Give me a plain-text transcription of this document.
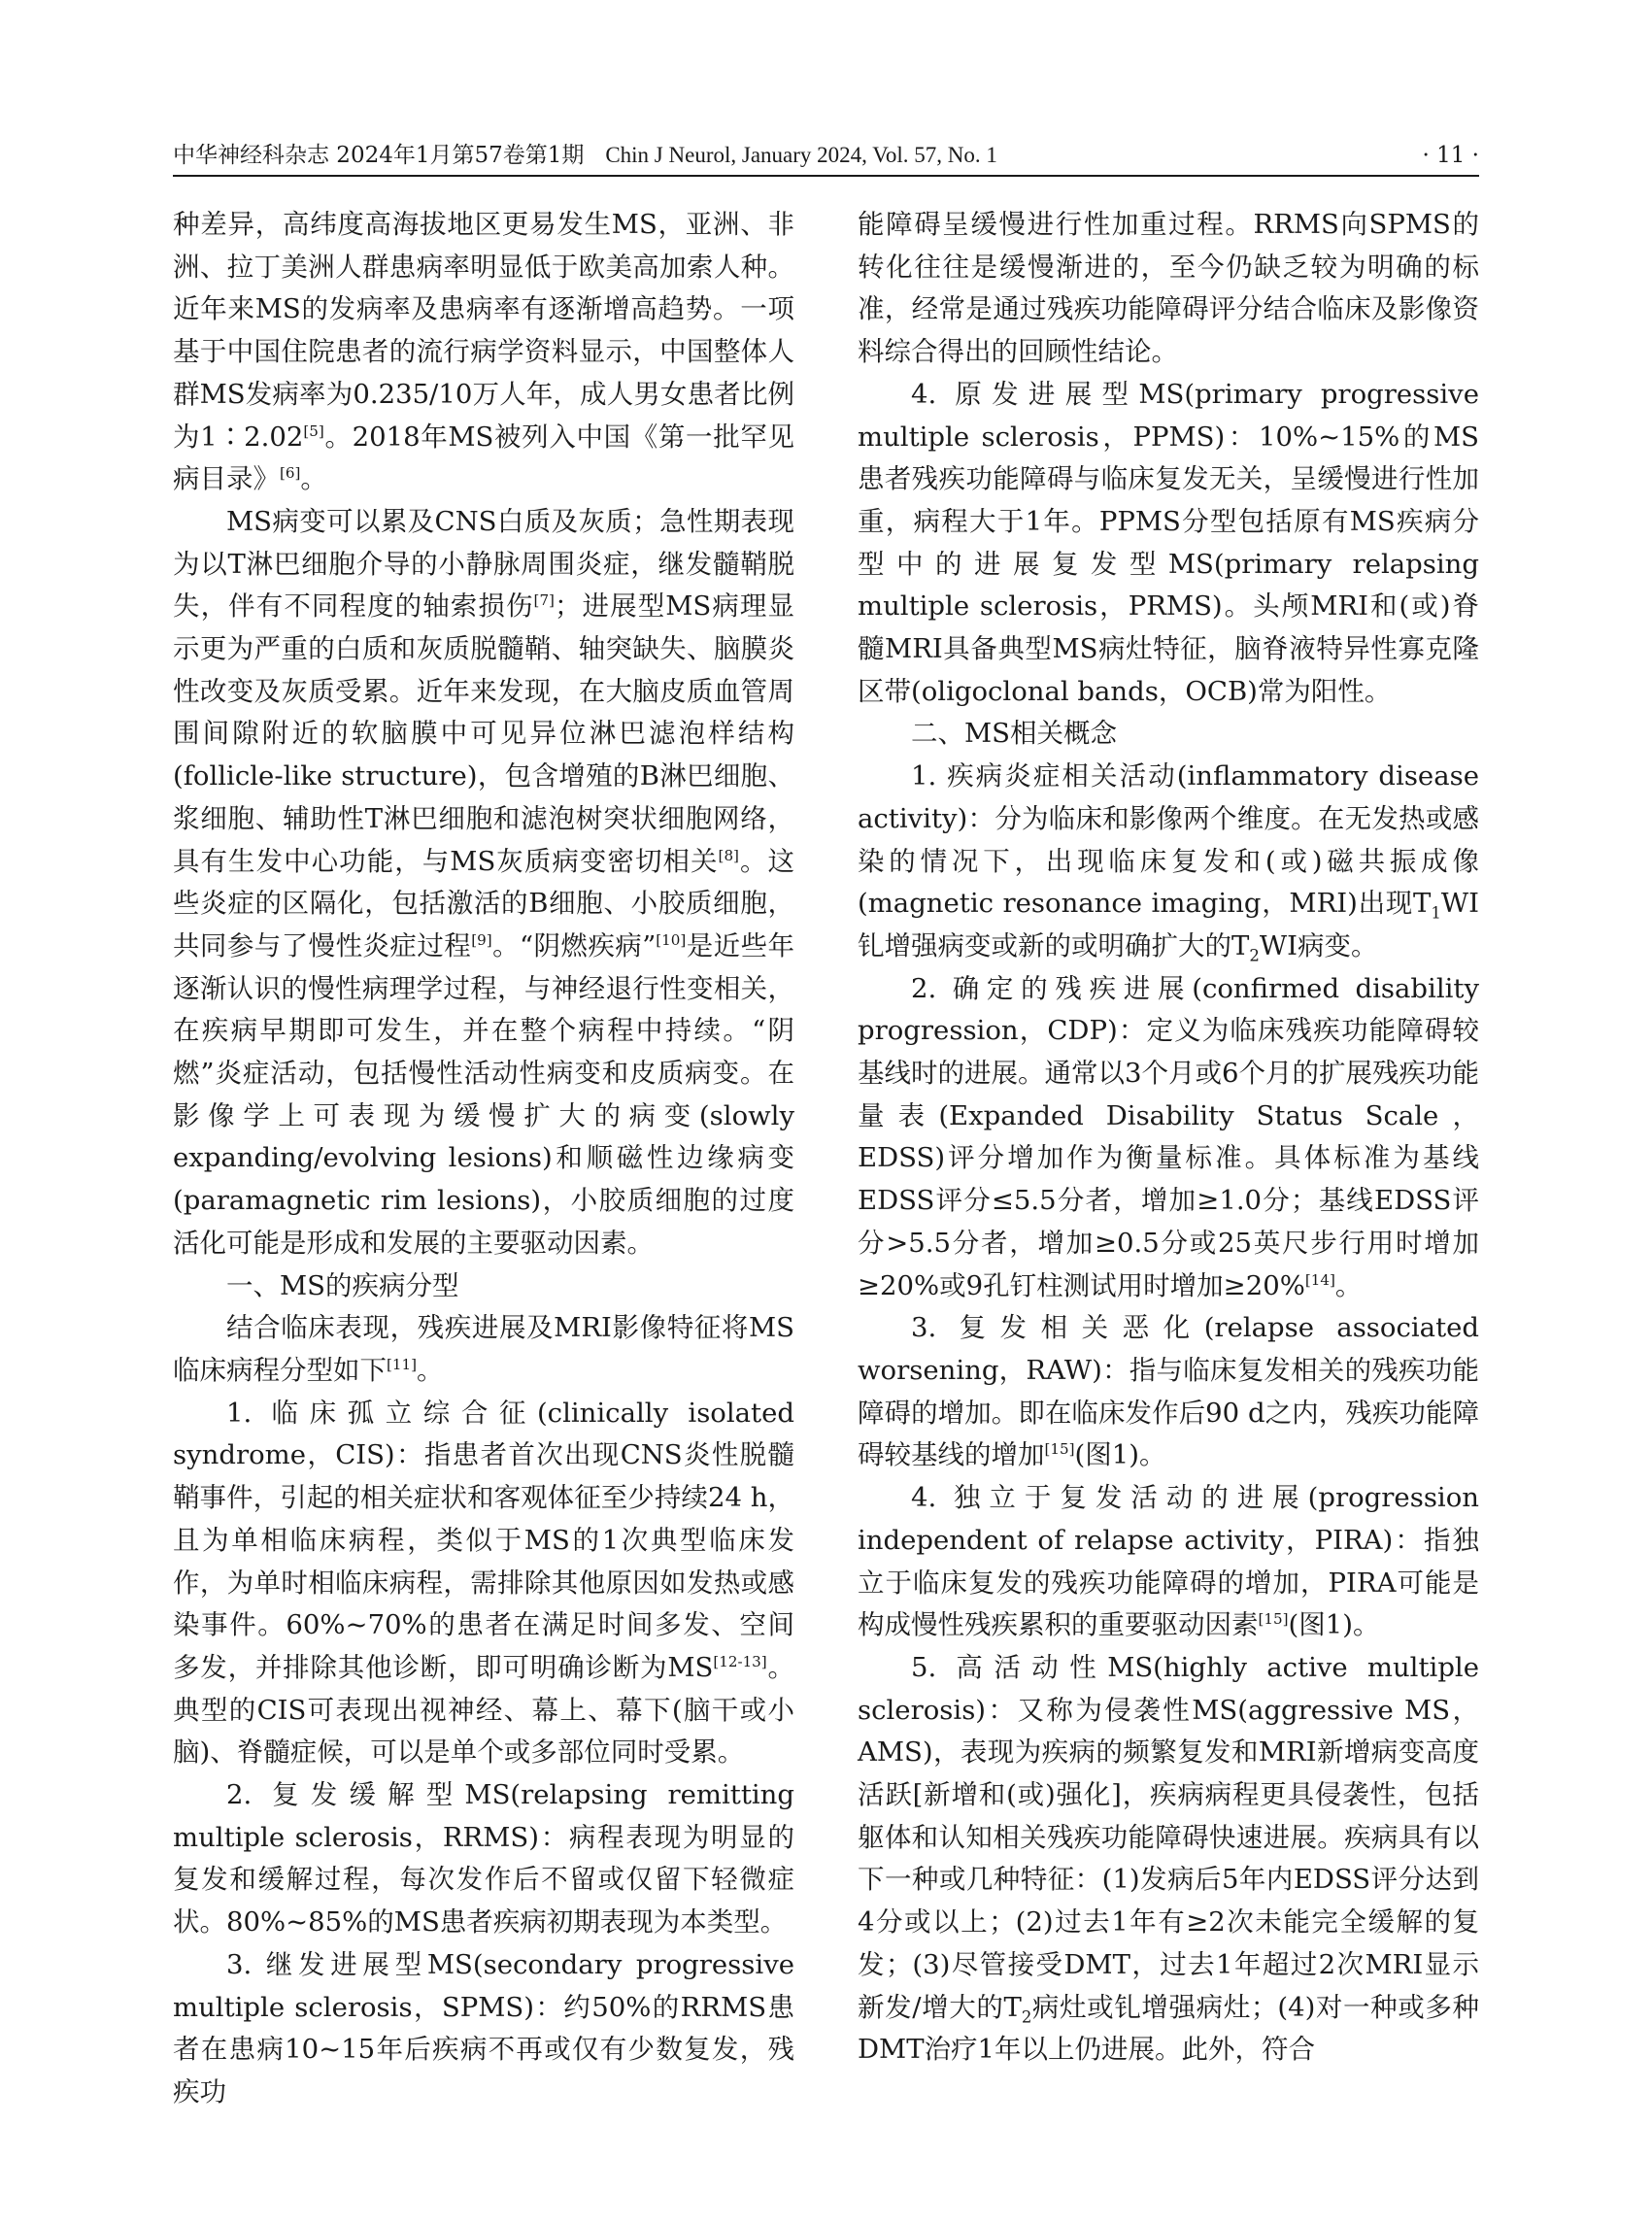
中华神经科杂志 2024年1月第57卷第1期 Chin J Neurol, January 2024, Vol. 57, No. 1	· 11 ·

种差异，高纬度高海拔地区更易发生MS，亚洲、非洲、拉丁美洲人群患病率明显低于欧美高加索人种。近年来MS的发病率及患病率有逐渐增高趋势。一项基于中国住院患者的流行病学资料显示，中国整体人群MS发病率为0.235/10万人年，成人男女患者比例为1∶2.02[5]。2018年MS被列入中国《第一批罕见病目录》[6]。

MS病变可以累及CNS白质及灰质；急性期表现为以T淋巴细胞介导的小静脉周围炎症，继发髓鞘脱失，伴有不同程度的轴索损伤[7]；进展型MS病理显示更为严重的白质和灰质脱髓鞘、轴突缺失、脑膜炎性改变及灰质受累。近年来发现，在大脑皮质血管周围间隙附近的软脑膜中可见异位淋巴滤泡样结构(follicle-like structure)，包含增殖的B淋巴细胞、浆细胞、辅助性T淋巴细胞和滤泡树突状细胞网络，具有生发中心功能，与MS灰质病变密切相关[8]。这些炎症的区隔化，包括激活的B细胞、小胶质细胞，共同参与了慢性炎症过程[9]。“阴燃疾病”[10]是近些年逐渐认识的慢性病理学过程，与神经退行性变相关，在疾病早期即可发生，并在整个病程中持续。“阴燃”炎症活动，包括慢性活动性病变和皮质病变。在影像学上可表现为缓慢扩大的病变(slowly expanding/evolving lesions)和顺磁性边缘病变(paramagnetic rim lesions)，小胶质细胞的过度活化可能是形成和发展的主要驱动因素。

一、MS的疾病分型

结合临床表现，残疾进展及MRI影像特征将MS临床病程分型如下[11]。

1. 临床孤立综合征(clinically isolated syndrome，CIS)：指患者首次出现CNS炎性脱髓鞘事件，引起的相关症状和客观体征至少持续24 h，且为单相临床病程，类似于MS的1次典型临床发作，为单时相临床病程，需排除其他原因如发热或感染事件。60%~70%的患者在满足时间多发、空间多发，并排除其他诊断，即可明确诊断为MS[12-13]。典型的CIS可表现出视神经、幕上、幕下(脑干或小脑)、脊髓症候，可以是单个或多部位同时受累。

2. 复发缓解型MS(relapsing remitting multiple sclerosis，RRMS)：病程表现为明显的复发和缓解过程，每次发作后不留或仅留下轻微症状。80%~85%的MS患者疾病初期表现为本类型。

3. 继发进展型MS(secondary progressive multiple sclerosis，SPMS)：约50%的RRMS患者在患病10~15年后疾病不再或仅有少数复发，残疾功

能障碍呈缓慢进行性加重过程。RRMS向SPMS的转化往往是缓慢渐进的，至今仍缺乏较为明确的标准，经常是通过残疾功能障碍评分结合临床及影像资料综合得出的回顾性结论。

4. 原发进展型MS(primary progressive multiple sclerosis，PPMS)：10%~15%的MS患者残疾功能障碍与临床复发无关，呈缓慢进行性加重，病程大于1年。PPMS分型包括原有MS疾病分型中的进展复发型MS(primary relapsing multiple sclerosis，PRMS)。头颅MRI和(或)脊髓MRI具备典型MS病灶特征，脑脊液特异性寡克隆区带(oligoclonal bands，OCB)常为阳性。

二、MS相关概念

1. 疾病炎症相关活动(inflammatory disease activity)：分为临床和影像两个维度。在无发热或感染的情况下，出现临床复发和(或)磁共振成像(magnetic resonance imaging，MRI)出现$T_1WI$钆增强病变或新的或明确扩大的$T_2WI$病变。

2. 确定的残疾进展(confirmed disability progression，CDP)：定义为临床残疾功能障碍较基线时的进展。通常以3个月或6个月的扩展残疾功能量表(Expanded Disability Status Scale，EDSS)评分增加作为衡量标准。具体标准为基线EDSS评分≤5.5分者，增加≥1.0分；基线EDSS评分>5.5分者，增加≥0.5分或25英尺步行用时增加≥20%或9孔钉柱测试用时增加≥20%[14]。

3. 复发相关恶化(relapse associated worsening，RAW)：指与临床复发相关的残疾功能障碍的增加。即在临床发作后90 d之内，残疾功能障碍较基线的增加[15](图1)。

4. 独立于复发活动的进展(progression independent of relapse activity，PIRA)：指独立于临床复发的残疾功能障碍的增加，PIRA可能是构成慢性残疾累积的重要驱动因素[15](图1)。

5. 高活动性MS(highly active multiple sclerosis)：又称为侵袭性MS(aggressive MS，AMS)，表现为疾病的频繁复发和MRI新增病变高度活跃[新增和(或)强化]，疾病病程更具侵袭性，包括躯体和认知相关残疾功能障碍快速进展。疾病具有以下一种或几种特征：(1)发病后5年内EDSS评分达到4分或以上；(2)过去1年有≥2次未能完全缓解的复发；(3)尽管接受DMT，过去1年超过2次MRI显示新发/增大的$T_2$病灶或钆增强病灶；(4)对一种或多种DMT治疗1年以上仍进展。此外，符合
